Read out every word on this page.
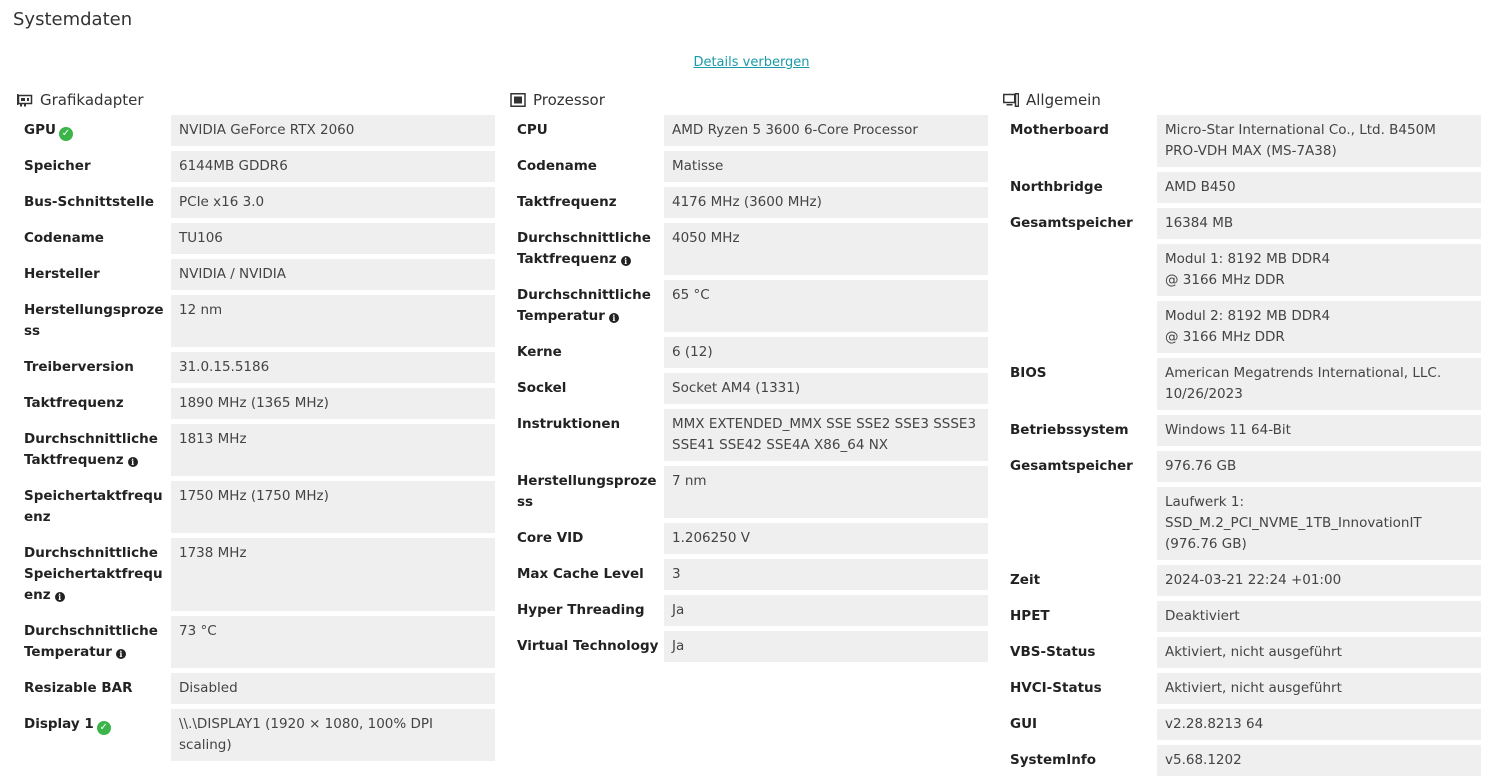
Systemdaten
Details verbergen
Grafikadapter
GPU ✓	NVIDIA GeForce RTX 2060
Speicher	6144MB GDDR6
Bus-Schnittstelle	PCIe x16 3.0
Codename	TU106
Hersteller	NVIDIA / NVIDIA
Herstellungsproze
ss	12 nm
Treiberversion	31.0.15.5186
Taktfrequenz	1890 MHz (1365 MHz)
Durchschnittliche
Taktfrequenz i	1813 MHz
Speichertaktfrequ
enz	1750 MHz (1750 MHz)
Durchschnittliche
Speichertaktfrequ
enz i	1738 MHz
Durchschnittliche
Temperatur i	73 °C
Resizable BAR	Disabled
Display 1 ✓	\\.\DISPLAY1 (1920 × 1080, 100% DPI scaling)
Prozessor
CPU	AMD Ryzen 5 3600 6-Core Processor
Codename	Matisse
Taktfrequenz	4176 MHz (3600 MHz)
Durchschnittliche
Taktfrequenz i	4050 MHz
Durchschnittliche
Temperatur i	65 °C
Kerne	6 (12)
Sockel	Socket AM4 (1331)
Instruktionen	MMX EXTENDED_MMX SSE SSE2 SSE3 SSSE3 SSE41 SSE42 SSE4A X86_64 NX
Herstellungsproze
ss	7 nm
Core VID	1.206250 V
Max Cache Level	3
Hyper Threading	Ja
Virtual Technology	Ja
Allgemein
Motherboard	Micro-Star International Co., Ltd. B450M PRO-VDH MAX (MS-7A38)
Northbridge	AMD B450
Gesamtspeicher	16384 MB
	Modul 1: 8192 MB DDR4
@ 3166 MHz DDR
	Modul 2: 8192 MB DDR4
@ 3166 MHz DDR
BIOS	American Megatrends International, LLC.
10/26/2023
Betriebssystem	Windows 11 64-Bit
Gesamtspeicher	976.76 GB
	Laufwerk 1:
SSD_M.2_PCI_NVME_1TB_InnovationIT (976.76 GB)
Zeit	2024-03-21 22:24 +01:00
HPET	Deaktiviert
VBS-Status	Aktiviert, nicht ausgeführt
HVCI-Status	Aktiviert, nicht ausgeführt
GUI	v2.28.8213 64
SystemInfo	v5.68.1202
